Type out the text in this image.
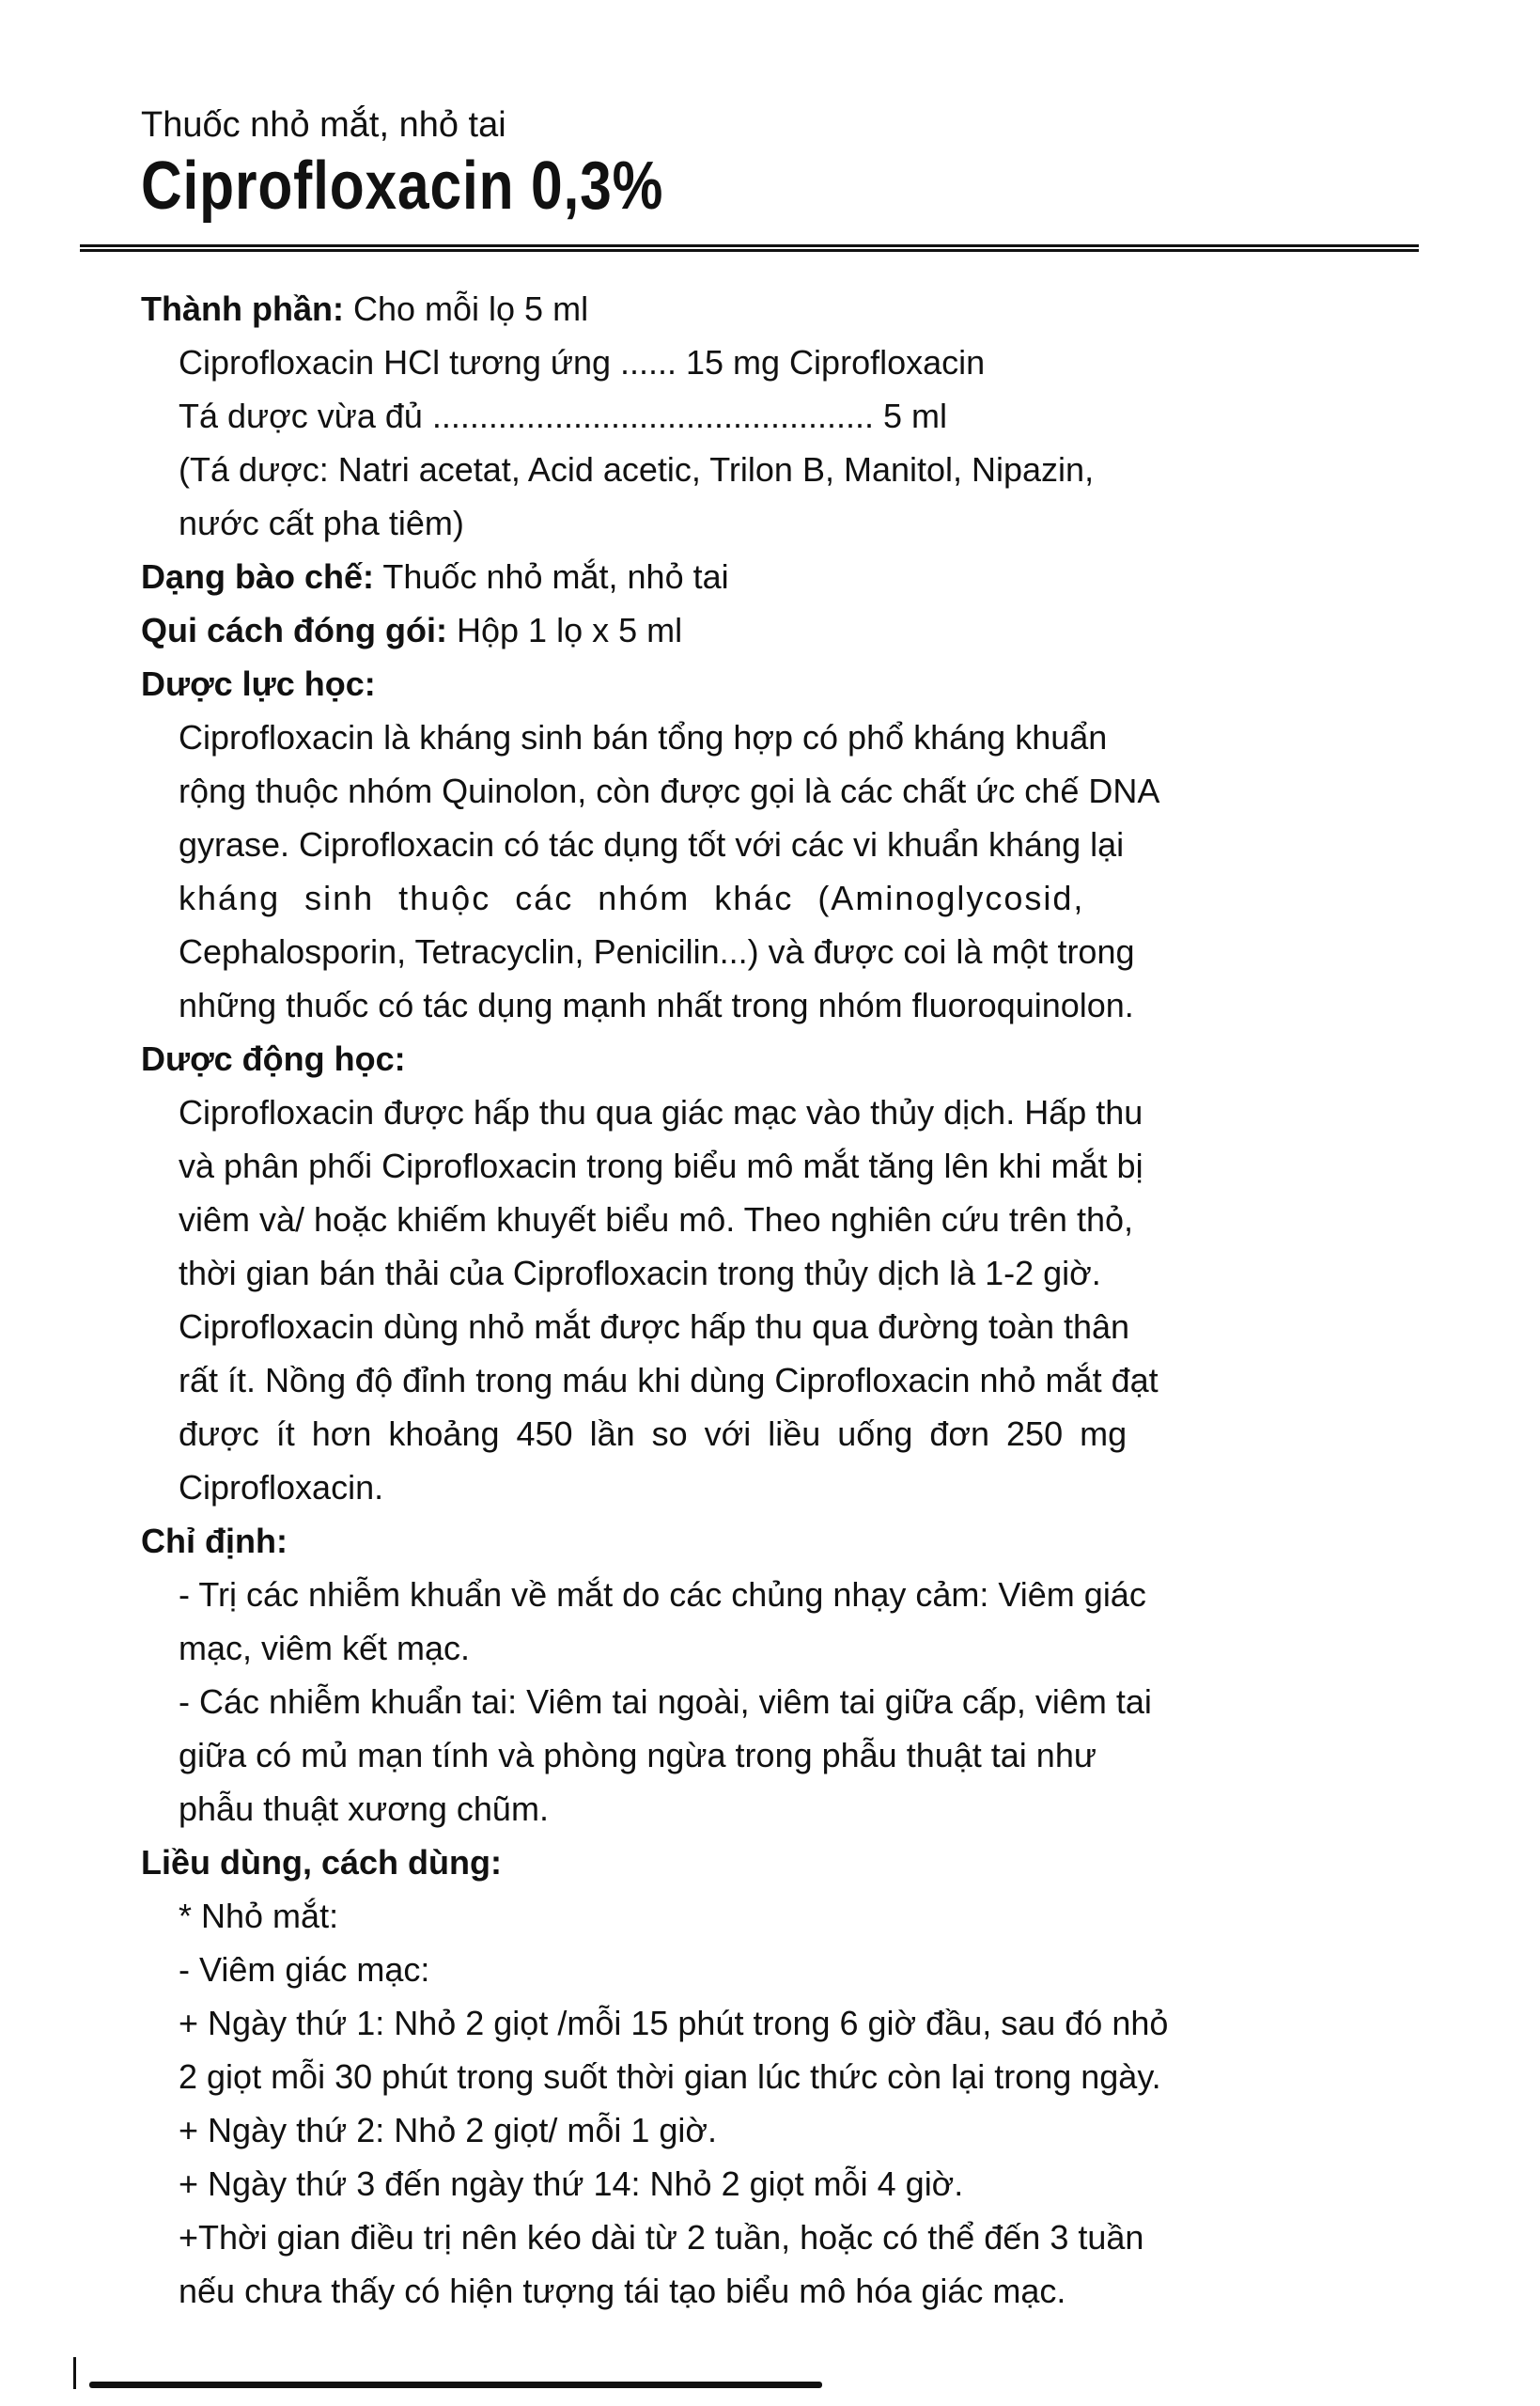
Thuốc nhỏ mắt, nhỏ tai

Ciprofloxacin 0,3%

Thành phần: Cho mỗi lọ 5 ml
Ciprofloxacin HCl tương ứng ...... 15 mg Ciprofloxacin
Tá dược vừa đủ ............................................... 5 ml
(Tá dược: Natri acetat, Acid acetic, Trilon B, Manitol, Nipazin,
nước cất pha tiêm)
Dạng bào chế: Thuốc nhỏ mắt, nhỏ tai
Qui cách đóng gói: Hộp 1 lọ x 5 ml
Dược lực học:
Ciprofloxacin là kháng sinh bán tổng hợp có phổ kháng khuẩn
rộng thuộc nhóm Quinolon, còn được gọi là các chất ức chế DNA
gyrase. Ciprofloxacin có tác dụng tốt với các vi khuẩn kháng lại
kháng sinh thuộc các nhóm khác (Aminoglycosid,
Cephalosporin, Tetracyclin, Penicilin...) và được coi là một trong
những thuốc có tác dụng mạnh nhất trong nhóm fluoroquinolon.
Dược động học:
Ciprofloxacin được hấp thu qua giác mạc vào thủy dịch. Hấp thu
và phân phối Ciprofloxacin trong biểu mô mắt tăng lên khi mắt bị
viêm và/ hoặc khiếm khuyết biểu mô. Theo nghiên cứu trên thỏ,
thời gian bán thải của Ciprofloxacin trong thủy dịch là 1-2 giờ.
Ciprofloxacin dùng nhỏ mắt được hấp thu qua đường toàn thân
rất ít. Nồng độ đỉnh trong máu khi dùng Ciprofloxacin nhỏ mắt đạt
được ít hơn khoảng 450 lần so với liều uống đơn 250 mg
Ciprofloxacin.
Chỉ định:
- Trị các nhiễm khuẩn về mắt do các chủng nhạy cảm: Viêm giác
mạc, viêm kết mạc.
- Các nhiễm khuẩn tai: Viêm tai ngoài, viêm tai giữa cấp, viêm tai
giữa có mủ mạn tính và phòng ngừa trong phẫu thuật tai như
phẫu thuật xương chũm.
Liều dùng, cách dùng:
* Nhỏ mắt:
- Viêm giác mạc:
+ Ngày thứ 1: Nhỏ 2 giọt /mỗi 15 phút trong 6 giờ đầu, sau đó nhỏ
2 giọt mỗi 30 phút trong suốt thời gian lúc thức còn lại trong ngày.
+ Ngày thứ 2: Nhỏ 2 giọt/ mỗi 1 giờ.
+ Ngày thứ 3 đến ngày thứ 14: Nhỏ 2 giọt mỗi 4 giờ.
+Thời gian điều trị nên kéo dài từ 2 tuần, hoặc có thể đến 3 tuần
nếu chưa thấy có hiện tượng tái tạo biểu mô hóa giác mạc.
